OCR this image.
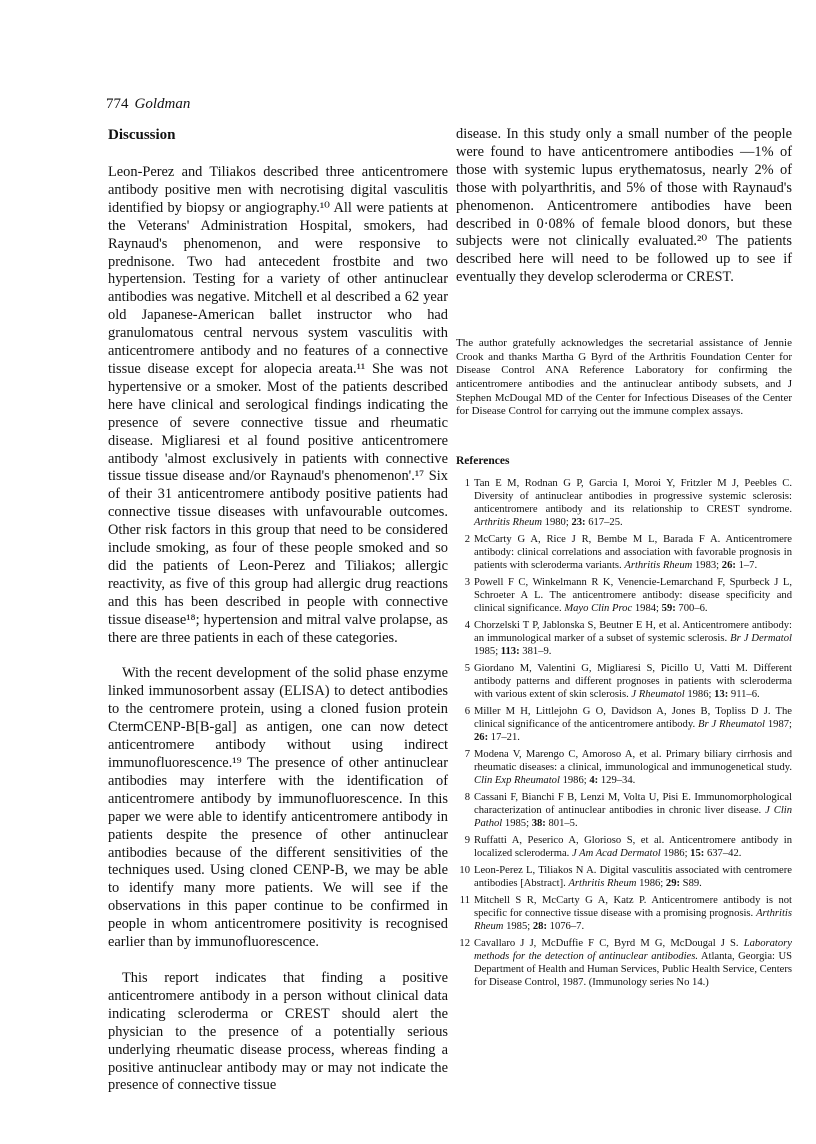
774 Goldman
Discussion

Leon-Perez and Tiliakos described three anticentromere antibody positive men with necrotising digital vasculitis identified by biopsy or angiography.¹⁰ All were patients at the Veterans' Administration Hospital, smokers, had Raynaud's phenomenon, and were responsive to prednisone. Two had antecedent frostbite and two hypertension. Testing for a variety of other antinuclear antibodies was negative. Mitchell et al described a 62 year old Japanese-American ballet instructor who had granulomatous central nervous system vasculitis with anticentromere antibody and no features of a connective tissue disease except for alopecia areata.¹¹ She was not hypertensive or a smoker. Most of the patients described here have clinical and serological findings indicating the presence of severe connective tissue and rheumatic disease. Migliaresi et al found positive anticentromere antibody 'almost exclusively in patients with connective tissue tissue disease and/or Raynaud's phenomenon'.¹⁷ Six of their 31 anticentromere antibody positive patients had connective tissue diseases with unfavourable outcomes. Other risk factors in this group that need to be considered include smoking, as four of these people smoked and so did the patients of Leon-Perez and Tiliakos; allergic reactivity, as five of this group had allergic drug reactions and this has been described in people with connective tissue disease¹⁸; hypertension and mitral valve prolapse, as there are three patients in each of these categories.

With the recent development of the solid phase enzyme linked immunosorbent assay (ELISA) to detect antibodies to the centromere protein, using a cloned fusion protein CtermCENP-B[B-gal] as antigen, one can now detect anticentromere antibody without using indirect immunofluorescence.¹⁹ The presence of other antinuclear antibodies may interfere with the identification of anticentromere antibody by immunofluorescence. In this paper we were able to identify anticentromere antibody in patients despite the presence of other antinuclear antibodies because of the different sensitivities of the techniques used. Using cloned CENP-B, we may be able to identify many more patients. We will see if the observations in this paper continue to be confirmed in people in whom anticentromere positivity is recognised earlier than by immunofluorescence.

This report indicates that finding a positive anticentromere antibody in a person without clinical data indicating scleroderma or CREST should alert the physician to the presence of a potentially serious underlying rheumatic disease process, whereas finding a positive antinuclear antibody may or may not indicate the presence of connective tissue

disease. In this study only a small number of the people were found to have anticentromere antibodies —1% of those with systemic lupus erythematosus, nearly 2% of those with polyarthritis, and 5% of those with Raynaud's phenomenon. Anticentromere antibodies have been described in 0·08% of female blood donors, but these subjects were not clinically evaluated.²⁰ The patients described here will need to be followed up to see if eventually they develop scleroderma or CREST.

The author gratefully acknowledges the secretarial assistance of Jennie Crook and thanks Martha G Byrd of the Arthritis Foundation Center for Disease Control ANA Reference Laboratory for confirming the anticentromere antibodies and the antinuclear antibody subsets, and J Stephen McDougal MD of the Center for Infectious Diseases of the Center for Disease Control for carrying out the immune complex assays.

References
1 Tan E M, Rodnan G P, Garcia I, Moroi Y, Fritzler M J, Peebles C. Diversity of antinuclear antibodies in progressive systemic sclerosis: anticentromere antibody and its relationship to CREST syndrome. Arthritis Rheum 1980; 23: 617–25.
2 McCarty G A, Rice J R, Bembe M L, Barada F A. Anticentromere antibody: clinical correlations and association with favorable prognosis in patients with scleroderma variants. Arthritis Rheum 1983; 26: 1–7.
3 Powell F C, Winkelmann R K, Venencie-Lemarchand F, Spurbeck J L, Schroeter A L. The anticentromere antibody: disease specificity and clinical significance. Mayo Clin Proc 1984; 59: 700–6.
4 Chorzelski T P, Jablonska S, Beutner E H, et al. Anticentromere antibody: an immunological marker of a subset of systemic sclerosis. Br J Dermatol 1985; 113: 381–9.
5 Giordano M, Valentini G, Migliaresi S, Picillo U, Vatti M. Different antibody patterns and different prognoses in patients with scleroderma with various extent of skin sclerosis. J Rheumatol 1986; 13: 911–6.
6 Miller M H, Littlejohn G O, Davidson A, Jones B, Topliss D J. The clinical significance of the anticentromere antibody. Br J Rheumatol 1987; 26: 17–21.
7 Modena V, Marengo C, Amoroso A, et al. Primary biliary cirrhosis and rheumatic diseases: a clinical, immunological and immunogenetical study. Clin Exp Rheumatol 1986; 4: 129–34.
8 Cassani F, Bianchi F B, Lenzi M, Volta U, Pisi E. Immunomorphological characterization of antinuclear antibodies in chronic liver disease. J Clin Pathol 1985; 38: 801–5.
9 Ruffatti A, Peserico A, Glorioso S, et al. Anticentromere antibody in localized scleroderma. J Am Acad Dermatol 1986; 15: 637–42.
10 Leon-Perez L, Tiliakos N A. Digital vasculitis associated with centromere antibodies [Abstract]. Arthritis Rheum 1986; 29: S89.
11 Mitchell S R, McCarty G A, Katz P. Anticentromere antibody is not specific for connective tissue disease with a promising prognosis. Arthritis Rheum 1985; 28: 1076–7.
12 Cavallaro J J, McDuffie F C, Byrd M G, McDougal J S. Laboratory methods for the detection of antinuclear antibodies. Atlanta, Georgia: US Department of Health and Human Services, Public Health Service, Centers for Disease Control, 1987. (Immunology series No 14.)
